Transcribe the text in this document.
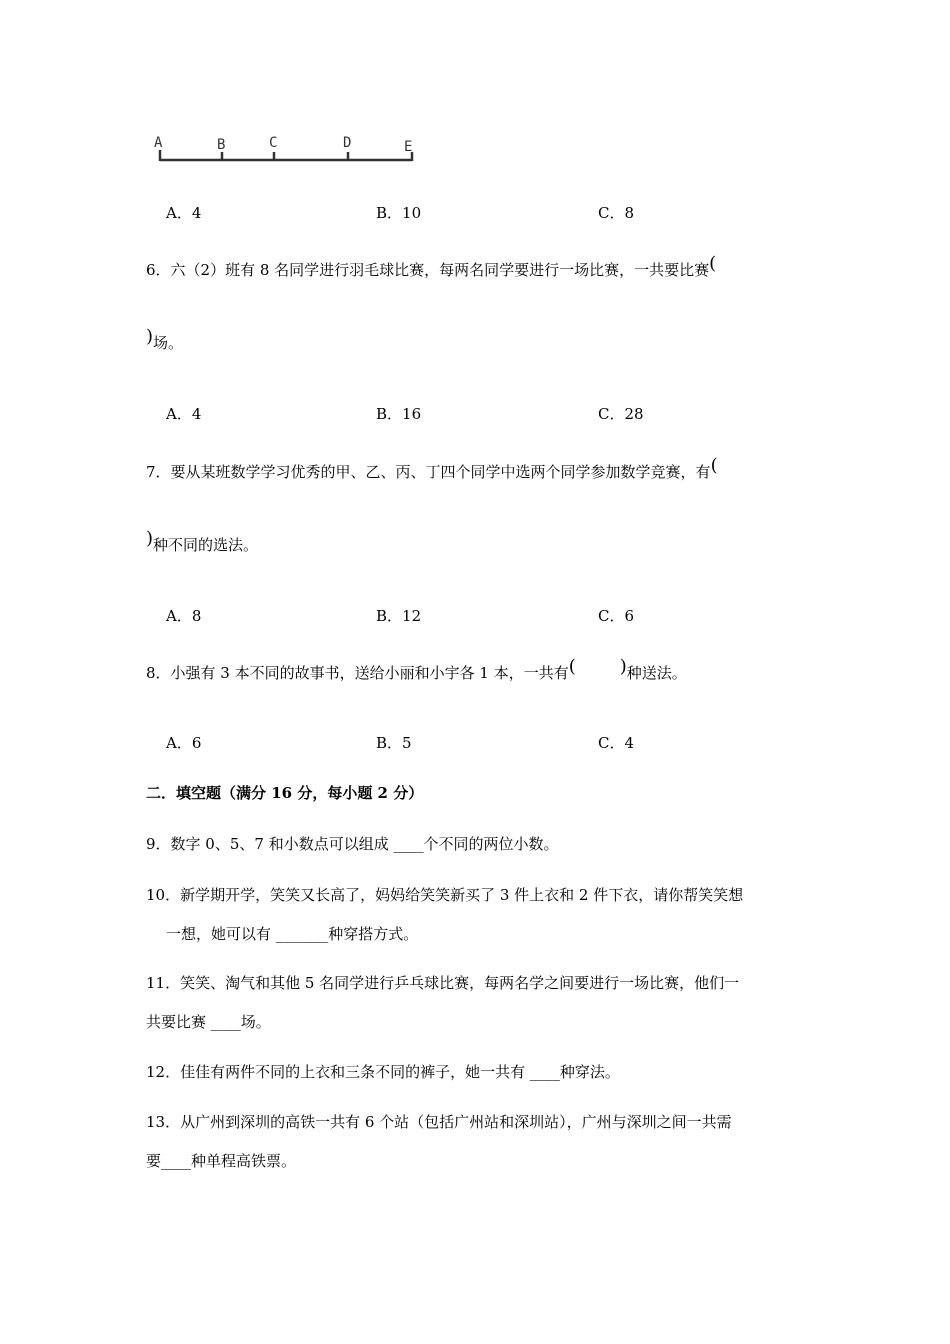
A	B	C	D	E
A．4	B．10	C．8
6．六（2）班有 8 名同学进行羽毛球比赛，每两名同学要进行一场比赛，一共要比赛(
)场。
A．4	B．16	C．28
7．要从某班数学学习优秀的甲、乙、丙、丁四个同学中选两个同学参加数学竞赛，有(
)种不同的选法。
A．8	B．12	C．6
8．小强有 3 本不同的故事书，送给小丽和小宇各 1 本，一共有( )种送法。
A．6	B．5	C．4
二．填空题（满分 16 分，每小题 2 分）
9．数字 0、5、7 和小数点可以组成 ____个不同的两位小数。
10．新学期开学，笑笑又长高了，妈妈给笑笑新买了 3 件上衣和 2 件下衣，请你帮笑笑想
一想，她可以有 _______种穿搭方式。
11．笑笑、淘气和其他 5 名同学进行乒乓球比赛，每两名学之间要进行一场比赛，他们一
共要比赛 ____场。
12．佳佳有两件不同的上衣和三条不同的裤子，她一共有 ____种穿法。
13．从广州到深圳的高铁一共有 6 个站（包括广州站和深圳站），广州与深圳之间一共需
要____种单程高铁票。
